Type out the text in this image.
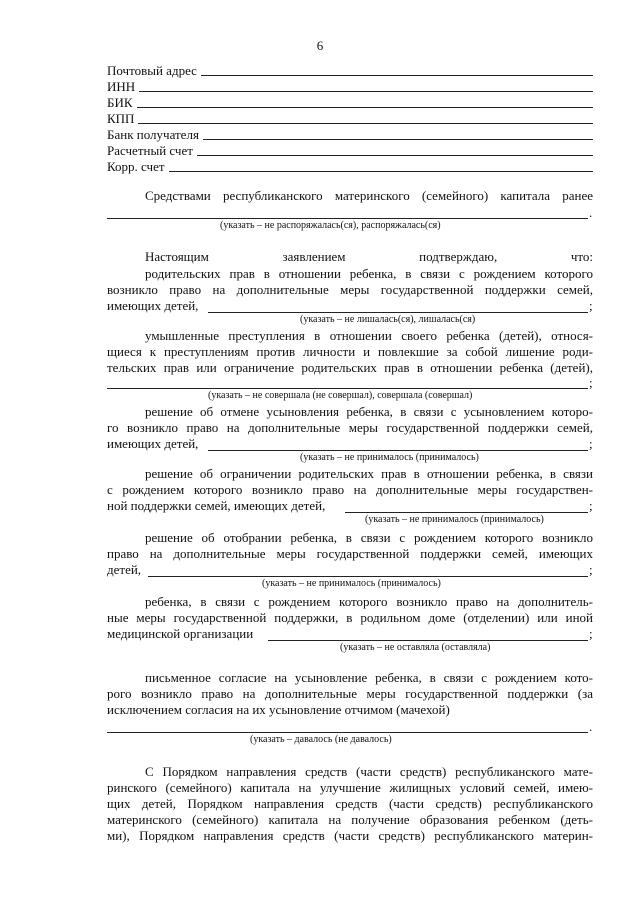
6
Почтовый адрес
ИНН
БИК
КПП
Банк получателя
Расчетный счет
Корр. счет
Средствами республиканского материнского (семейного) капитала ранее
.
(указать – не распоряжалась(ся), распоряжалась(ся)
Настоящим заявлением подтверждаю, что:
родительских прав в отношении ребенка, в связи с рождением которого
возникло право на дополнительные меры государственной поддержки семей,
имеющих детей,	;
(указать – не лишалась(ся), лишалась(ся)
умышленные преступления в отношении своего ребенка (детей), относя-
щиеся к преступлениям против личности и повлекшие за собой лишение роди-
тельских прав или ограничение родительских прав в отношении ребенка (детей),
;
(указать – не совершала (не совершал), совершала (совершал)
решение об отмене усыновления ребенка, в связи с усыновлением которо-
го возникло право на дополнительные меры государственной поддержки семей,
имеющих детей,	;
(указать – не принималось (принималось)
решение об ограничении родительских прав в отношении ребенка, в связи
с рождением которого возникло право на дополнительные меры государствен-
ной поддержки семей, имеющих детей,	;
(указать – не принималось (принималось)
решение об отобрании ребенка, в связи с рождением которого возникло
право на дополнительные меры государственной поддержки семей, имеющих
детей,	;
(указать – не принималось (принималось)
ребенка, в связи с рождением которого возникло право на дополнитель-
ные меры государственной поддержки, в родильном доме (отделении) или иной
медицинской организации	;
(указать – не оставляла (оставляла)
письменное согласие на усыновление ребенка, в связи с рождением кото-
рого возникло право на дополнительные меры государственной поддержки (за
исключением согласия на их усыновление отчимом (мачехой)
.
(указать – давалось (не давалось)
С Порядком направления средств (части средств) республиканского мате-
ринского (семейного) капитала на улучшение жилищных условий семей, имею-
щих детей, Порядком направления средств (части средств) республиканского
материнского (семейного) капитала на получение образования ребенком (деть-
ми), Порядком направления средств (части средств) республиканского материн-
